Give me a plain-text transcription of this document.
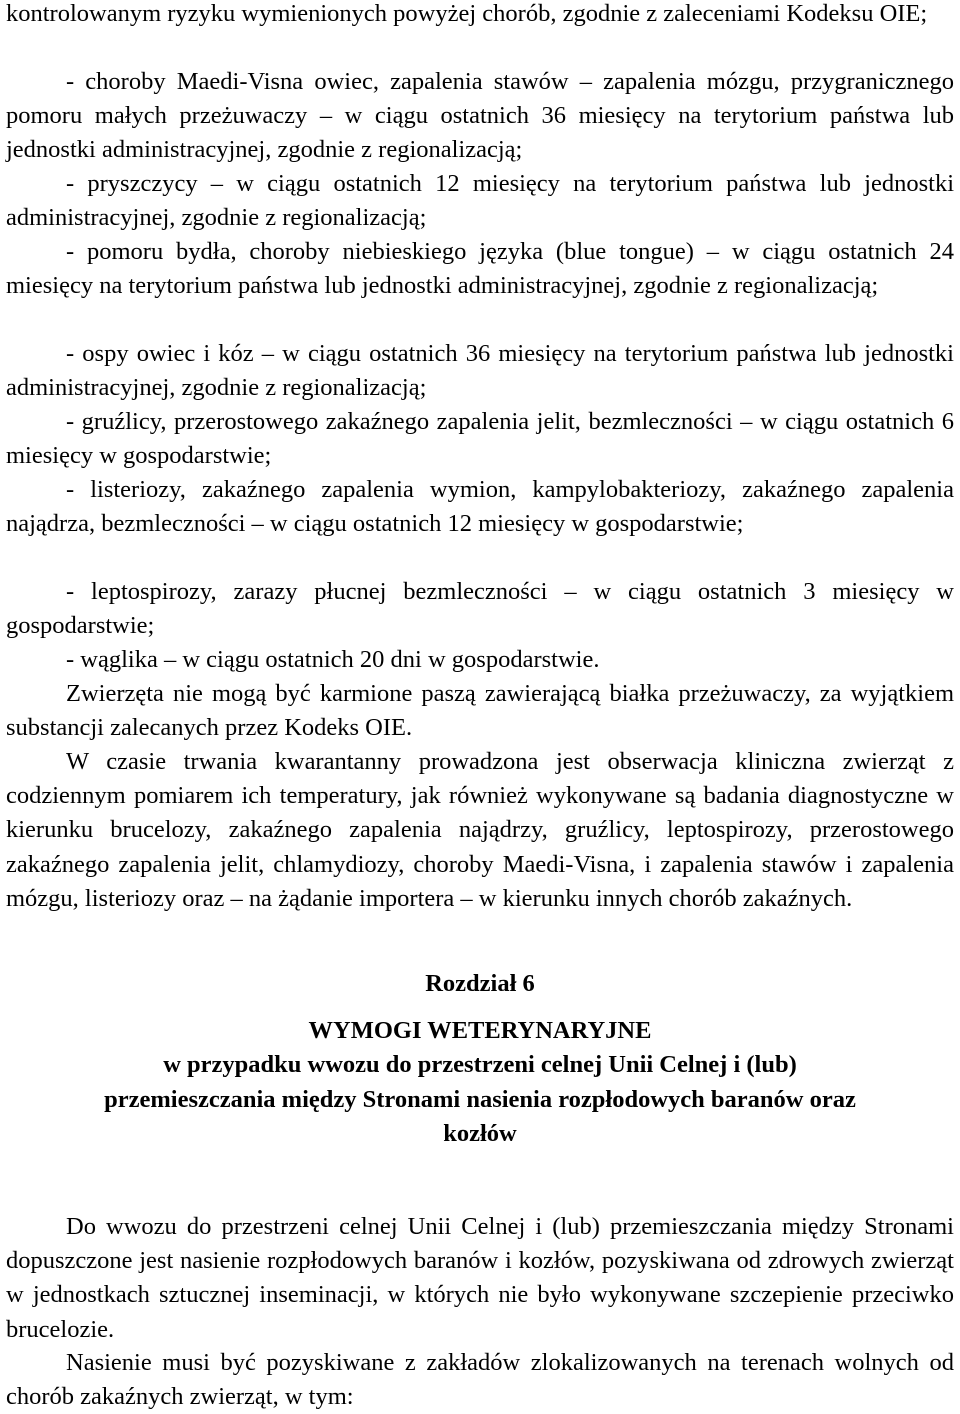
kontrolowanym ryzyku wymienionych powyżej chorób, zgodnie z zaleceniami Kodeksu OIE;

- choroby Maedi-Visna owiec, zapalenia stawów – zapalenia mózgu, przygranicznego pomoru małych przeżuwaczy – w ciągu ostatnich 36 miesięcy na terytorium państwa lub jednostki administracyjnej, zgodnie z regionalizacją;

- pryszczycy – w ciągu ostatnich 12 miesięcy na terytorium państwa lub jednostki administracyjnej, zgodnie z regionalizacją;

- pomoru bydła, choroby niebieskiego języka (blue tongue) – w ciągu ostatnich 24 miesięcy na terytorium państwa lub jednostki administracyjnej, zgodnie z regionalizacją;

- ospy owiec i kóz – w ciągu ostatnich 36 miesięcy na terytorium państwa lub jednostki administracyjnej, zgodnie z regionalizacją;

- gruźlicy, przerostowego zakaźnego zapalenia jelit, bezmleczności – w ciągu ostatnich 6 miesięcy w gospodarstwie;

- listeriozy, zakaźnego zapalenia wymion, kampylobakteriozy, zakaźnego zapalenia najądrza, bezmleczności – w ciągu ostatnich 12 miesięcy w gospodarstwie;

- leptospirozy, zarazy płucnej bezmleczności – w ciągu ostatnich 3 miesięcy w gospodarstwie;

- wąglika – w ciągu ostatnich 20 dni w gospodarstwie.

Zwierzęta nie mogą być karmione paszą zawierającą białka przeżuwaczy, za wyjątkiem substancji zalecanych przez Kodeks OIE.

W czasie trwania kwarantanny prowadzona jest obserwacja kliniczna zwierząt z codziennym pomiarem ich temperatury, jak również wykonywane są badania diagnostyczne w kierunku brucelozy, zakaźnego zapalenia najądrzy, gruźlicy, leptospirozy, przerostowego zakaźnego zapalenia jelit, chlamydiozy, choroby Maedi-Visna, i zapalenia stawów i zapalenia mózgu, listeriozy oraz – na żądanie importera – w kierunku innych chorób zakaźnych.

Rozdział 6

WYMOGI WETERYNARYJNE

w przypadku wwozu do przestrzeni celnej Unii Celnej i (lub)

przemieszczania między Stronami nasienia rozpłodowych baranów oraz

kozłów

Do wwozu do przestrzeni celnej Unii Celnej i (lub) przemieszczania między Stronami dopuszczone jest nasienie rozpłodowych baranów i kozłów, pozyskiwana od zdrowych zwierząt w jednostkach sztucznej inseminacji, w których nie było wykonywane szczepienie przeciwko brucelozie.

Nasienie musi być pozyskiwane z zakładów zlokalizowanych na terenach wolnych od chorób zakaźnych zwierząt, w tym:
